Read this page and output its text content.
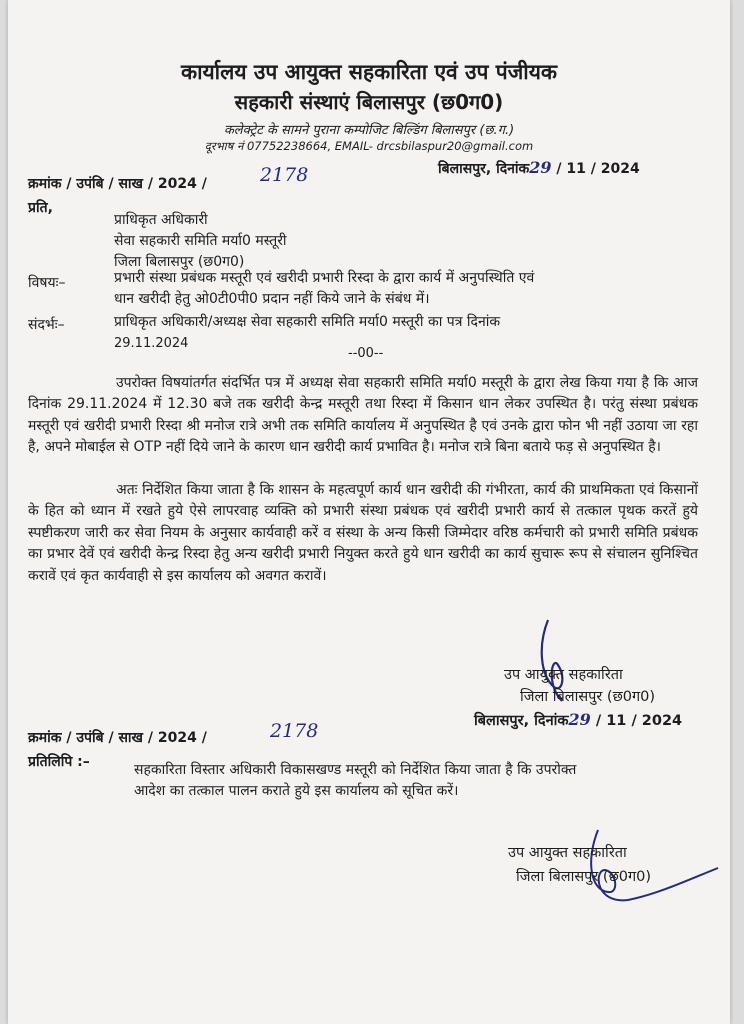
कार्यालय उप आयुक्त सहकारिता एवं उप पंजीयक
सहकारी संस्थाएं बिलासपुर (छ0ग0)
कलेक्ट्रेट के सामने पुराना कम्पोजिट बिल्डिंग बिलासपुर (छ.ग.)
दूरभाष नं 07752238664, EMAIL- drcsbilaspur20@gmail.com
क्रमांक / उपंबि / साख / 2024 /	2178	बिलासपुर, दिनांक29 / 11 / 2024
प्रति,
प्राधिकृत अधिकारी
सेवा सहकारी समिति मर्या0 मस्तूरी
जिला बिलासपुर (छ0ग0)
विषयः–	प्रभारी संस्था प्रबंधक मस्तूरी एवं खरीदी प्रभारी रिस्दा के द्वारा कार्य में अनुपस्थिति एवं
धान खरीदी हेतु ओ0टी0पी0 प्रदान नहीं किये जाने के संबंध में।
संदर्भः–	प्राधिकृत अधिकारी/अध्यक्ष सेवा सहकारी समिति मर्या0 मस्तूरी का पत्र दिनांक
29.11.2024
--00--
उपरोक्त विषयांतर्गत संदर्भित पत्र में अध्यक्ष सेवा सहकारी समिति मर्या0 मस्तूरी के द्वारा लेख किया गया है कि आज दिनांक 29.11.2024 में 12.30 बजे तक खरीदी केन्द्र मस्तूरी तथा रिस्दा में किसान धान लेकर उपस्थित है। परंतु संस्था प्रबंधक मस्तूरी एवं खरीदी प्रभारी रिस्दा श्री मनोज रात्रे अभी तक समिति कार्यालय में अनुपस्थित है एवं उनके द्वारा फोन भी नहीं उठाया जा रहा है, अपने मोबाईल से OTP नहीं दिये जाने के कारण धान खरीदी कार्य प्रभावित है। मनोज रात्रे बिना बताये फड़ से अनुपस्थित है।
अतः निर्देशित किया जाता है कि शासन के महत्वपूर्ण कार्य धान खरीदी की गंभीरता, कार्य की प्राथमिकता एवं किसानों के हित को ध्यान में रखते हुये ऐसे लापरवाह व्यक्ति को प्रभारी संस्था प्रबंधक एवं खरीदी प्रभारी कार्य से तत्काल पृथक करतें हुये स्पष्टीकरण जारी कर सेवा नियम के अनुसार कार्यवाही करें व संस्था के अन्य किसी जिम्मेदार वरिष्ठ कर्मचारी को प्रभारी समिति प्रबंधक का प्रभार देवें एवं खरीदी केन्द्र रिस्दा हेतु अन्य खरीदी प्रभारी नियुक्त करते हुये धान खरीदी का कार्य सुचारू रूप से संचालन सुनिश्चित करावें एवं कृत कार्यवाही से इस कार्यालय को अवगत करावें।
उप आयुक्त सहकारिता
जिला बिलासपुर (छ0ग0)
बिलासपुर, दिनांक29 / 11 / 2024
क्रमांक / उपंबि / साख / 2024 /	2178
प्रतिलिपि :–	सहकारिता विस्तार अधिकारी विकासखण्ड मस्तूरी को निर्देशित किया जाता है कि उपरोक्त
आदेश का तत्काल पालन कराते हुये इस कार्यालय को सूचित करें।
उप आयुक्त सहकारिता
जिला बिलासपुर (छ0ग0)
